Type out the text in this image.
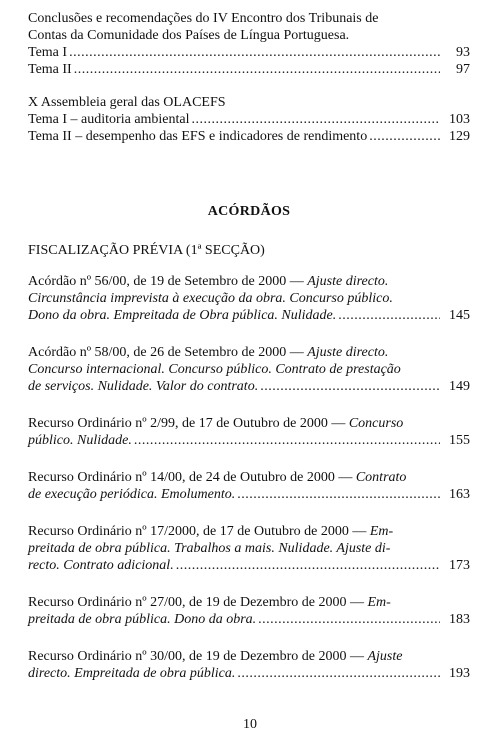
Conclusões e recomendações do IV Encontro dos Tribunais de
Contas da Comunidade dos Países de Língua Portuguesa.
Tema I .....	93
Tema II .....	97
X Assembleia geral das OLACEFS
Tema I – auditoria ambiental .....	103
Tema II – desempenho das EFS e indicadores de rendimento .....	129
ACÓRDÃOS
FISCALIZAÇÃO PRÉVIA (1ª SECÇÃO)
Acórdão nº 56/00, de 19 de Setembro de 2000 — Ajuste directo.
Circunstância imprevista à execução da obra. Concurso público.
Dono da obra. Empreitada de Obra pública. Nulidade. .....	145
Acórdão nº 58/00, de 26 de Setembro de 2000 — Ajuste directo.
Concurso internacional. Concurso público. Contrato de prestação
de serviços. Nulidade. Valor do contrato. .....	149
Recurso Ordinário nº 2/99, de 17 de Outubro de 2000 — Concurso
público. Nulidade. .....	155
Recurso Ordinário nº 14/00, de 24 de Outubro de 2000 — Contrato
de execução periódica. Emolumento. .....	163
Recurso Ordinário nº 17/2000, de 17 de Outubro de 2000 — Em-
preitada de obra pública. Trabalhos a mais. Nulidade. Ajuste di-
recto. Contrato adicional. .....	173
Recurso Ordinário nº 27/00, de 19 de Dezembro de 2000 — Em-
preitada de obra pública. Dono da obra. .....	183
Recurso Ordinário nº 30/00, de 19 de Dezembro de 2000 — Ajuste
directo. Empreitada de obra pública. .....	193
10
